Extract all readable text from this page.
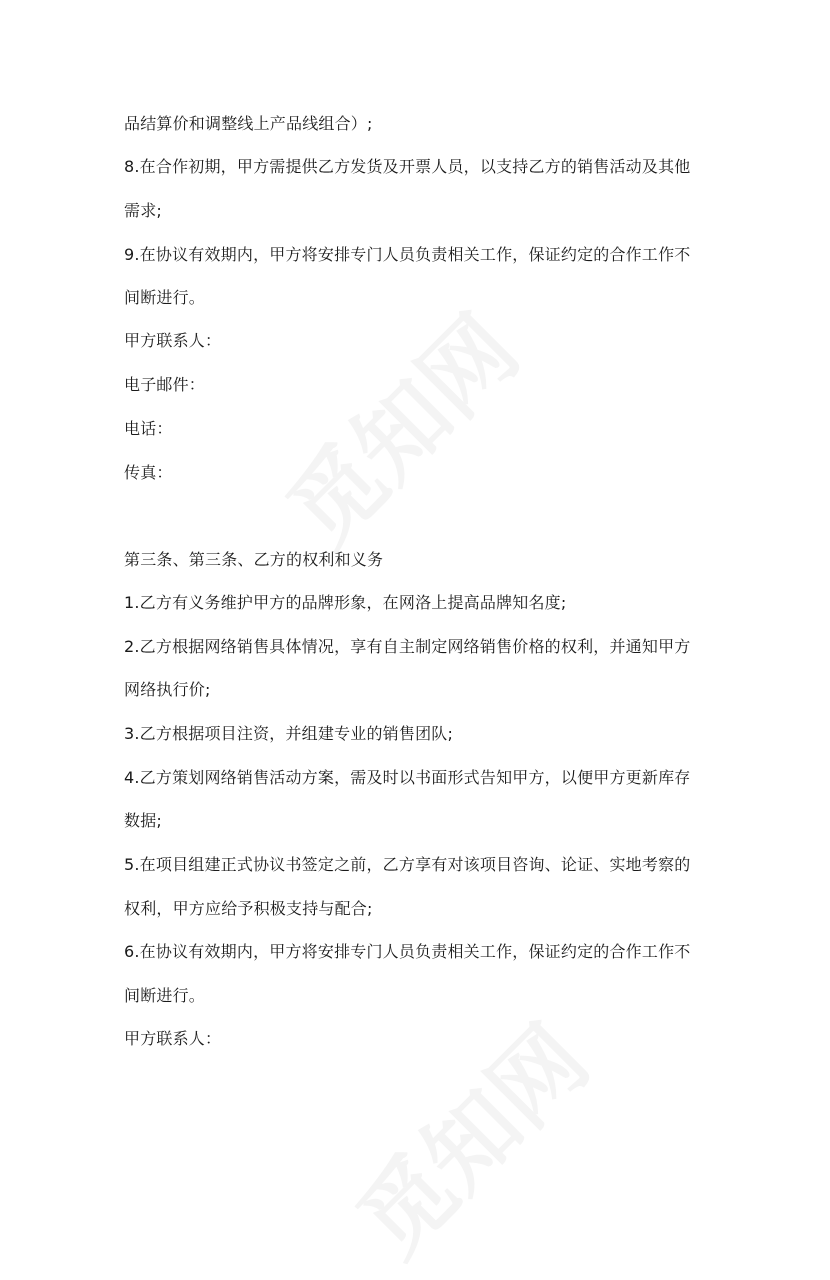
品结算价和调整线上产品线组合）;
8.在合作初期，甲方需提供乙方发货及开票人员，以支持乙方的销售活动及其他
需求;
9.在协议有效期内，甲方将安排专门人员负责相关工作，保证约定的合作工作不
间断进行。
甲方联系人：
电子邮件：
电话：
传真：
第三条、第三条、乙方的权利和义务
1.乙方有义务维护甲方的品牌形象，在网洛上提高品牌知名度;
2.乙方根据网络销售具体情况，享有自主制定网络销售价格的权利，并通知甲方
网络执行价;
3.乙方根据项目注资，并组建专业的销售团队;
4.乙方策划网络销售活动方案，需及时以书面形式告知甲方，以便甲方更新库存
数据;
5.在项目组建正式协议书签定之前，乙方享有对该项目咨询、论证、实地考察的
权利，甲方应给予积极支持与配合;
6.在协议有效期内，甲方将安排专门人员负责相关工作，保证约定的合作工作不
间断进行。
甲方联系人：
